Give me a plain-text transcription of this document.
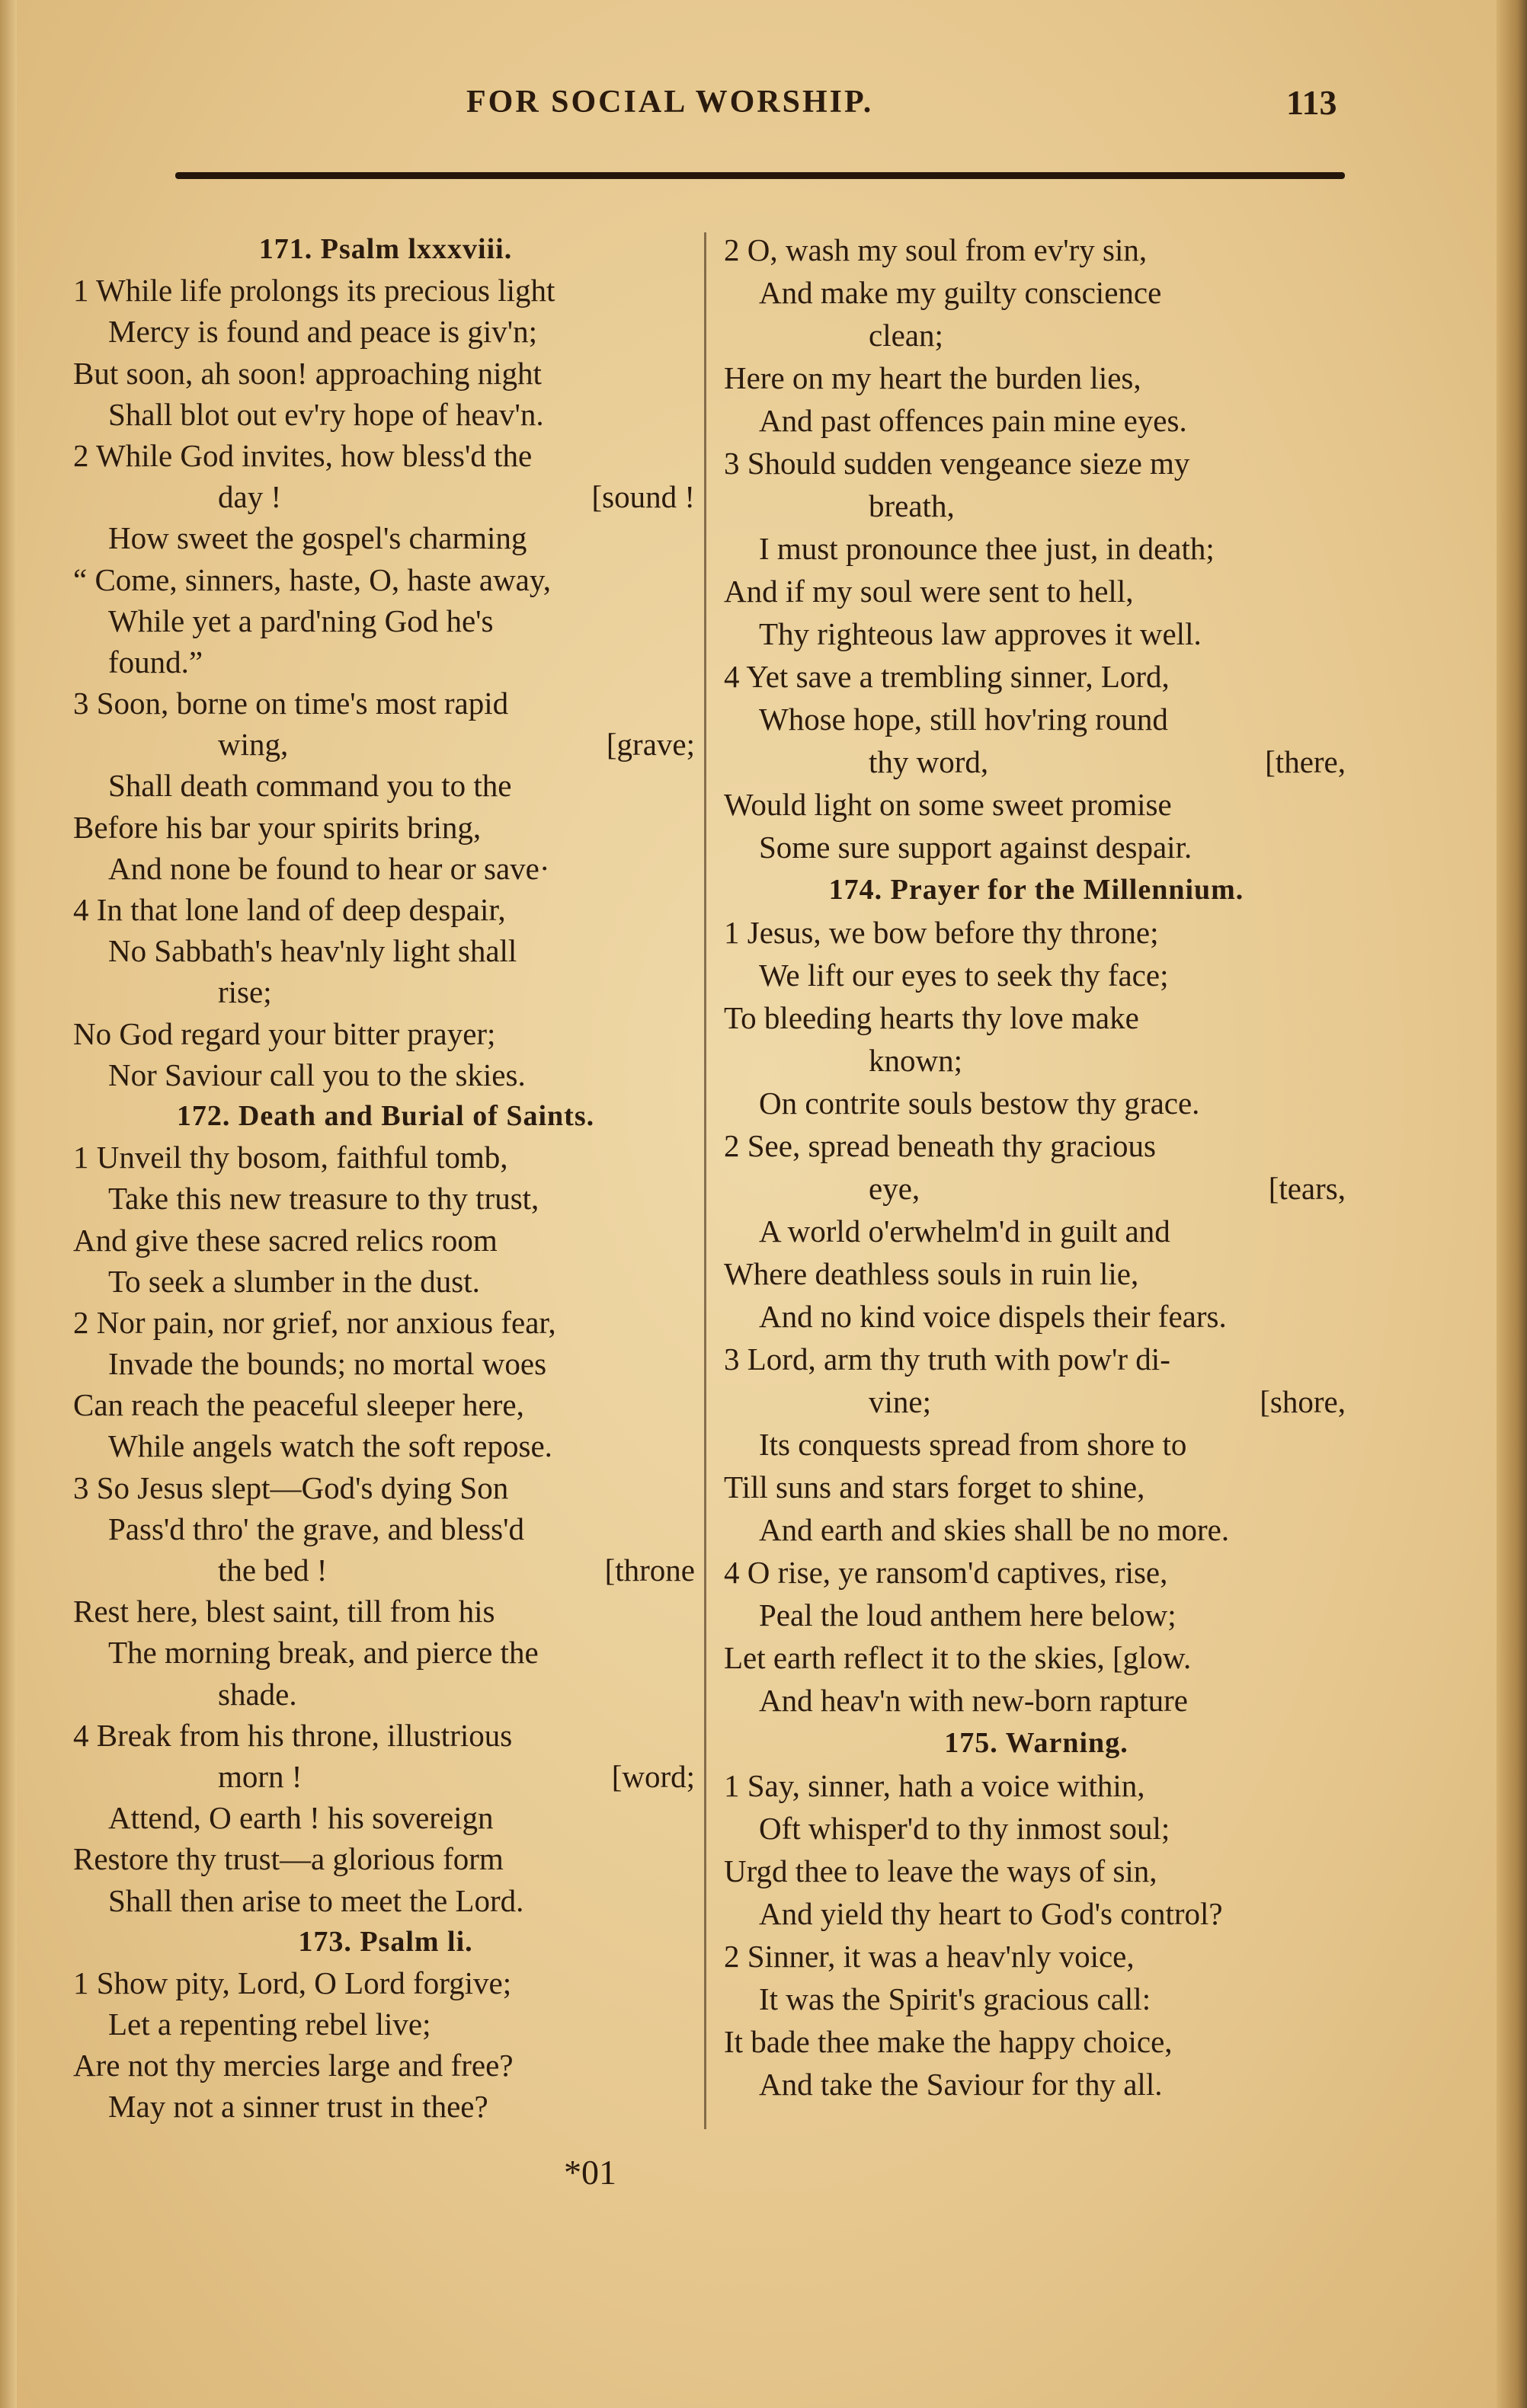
FOR SOCIAL WORSHIP.	113
171. Psalm lxxxviii.
1 While life prolongs its precious light
Mercy is found and peace is giv'n;
But soon, ah soon! approaching night
Shall blot out ev'ry hope of heav'n.
2 While God invites, how bless'd the
day !	[sound !
How sweet the gospel's charming
“ Come, sinners, haste, O, haste away,
While yet a pard'ning God he's
found.”
3 Soon, borne on time's most rapid
wing,	[grave;
Shall death command you to the
Before his bar your spirits bring,
And none be found to hear or save·
4 In that lone land of deep despair,
No Sabbath's heav'nly light shall
rise;
No God regard your bitter prayer;
Nor Saviour call you to the skies.
172. Death and Burial of Saints.
1 Unveil thy bosom, faithful tomb,
Take this new treasure to thy trust,
And give these sacred relics room
To seek a slumber in the dust.
2 Nor pain, nor grief, nor anxious fear,
Invade the bounds; no mortal woes
Can reach the peaceful sleeper here,
While angels watch the soft repose.
3 So Jesus slept—God's dying Son
Pass'd thro' the grave, and bless'd
the bed !	[throne
Rest here, blest saint, till from his
The morning break, and pierce the
shade.
4 Break from his throne, illustrious
morn !	[word;
Attend, O earth ! his sovereign
Restore thy trust—a glorious form
Shall then arise to meet the Lord.
173. Psalm li.
1 Show pity, Lord, O Lord forgive;
Let a repenting rebel live;
Are not thy mercies large and free?
May not a sinner trust in thee?
2 O, wash my soul from ev'ry sin,
And make my guilty conscience
clean;
Here on my heart the burden lies,
And past offences pain mine eyes.
3 Should sudden vengeance sieze my
breath,
I must pronounce thee just, in death;
And if my soul were sent to hell,
Thy righteous law approves it well.
4 Yet save a trembling sinner, Lord,
Whose hope, still hov'ring round
thy word,	[there,
Would light on some sweet promise
Some sure support against despair.
174. Prayer for the Millennium.
1 Jesus, we bow before thy throne;
We lift our eyes to seek thy face;
To bleeding hearts thy love make
known;
On contrite souls bestow thy grace.
2 See, spread beneath thy gracious
eye,	[tears,
A world o'erwhelm'd in guilt and
Where deathless souls in ruin lie,
And no kind voice dispels their fears.
3 Lord, arm thy truth with pow'r di-
vine;	[shore,
Its conquests spread from shore to
Till suns and stars forget to shine,
And earth and skies shall be no more.
4 O rise, ye ransom'd captives, rise,
Peal the loud anthem here below;
Let earth reflect it to the skies, [glow.
And heav'n with new-born rapture
175. Warning.
1 Say, sinner, hath a voice within,
Oft whisper'd to thy inmost soul;
Urgd thee to leave the ways of sin,
And yield thy heart to God's control?
2 Sinner, it was a heav'nly voice,
It was the Spirit's gracious call:
It bade thee make the happy choice,
And take the Saviour for thy all.
*01
